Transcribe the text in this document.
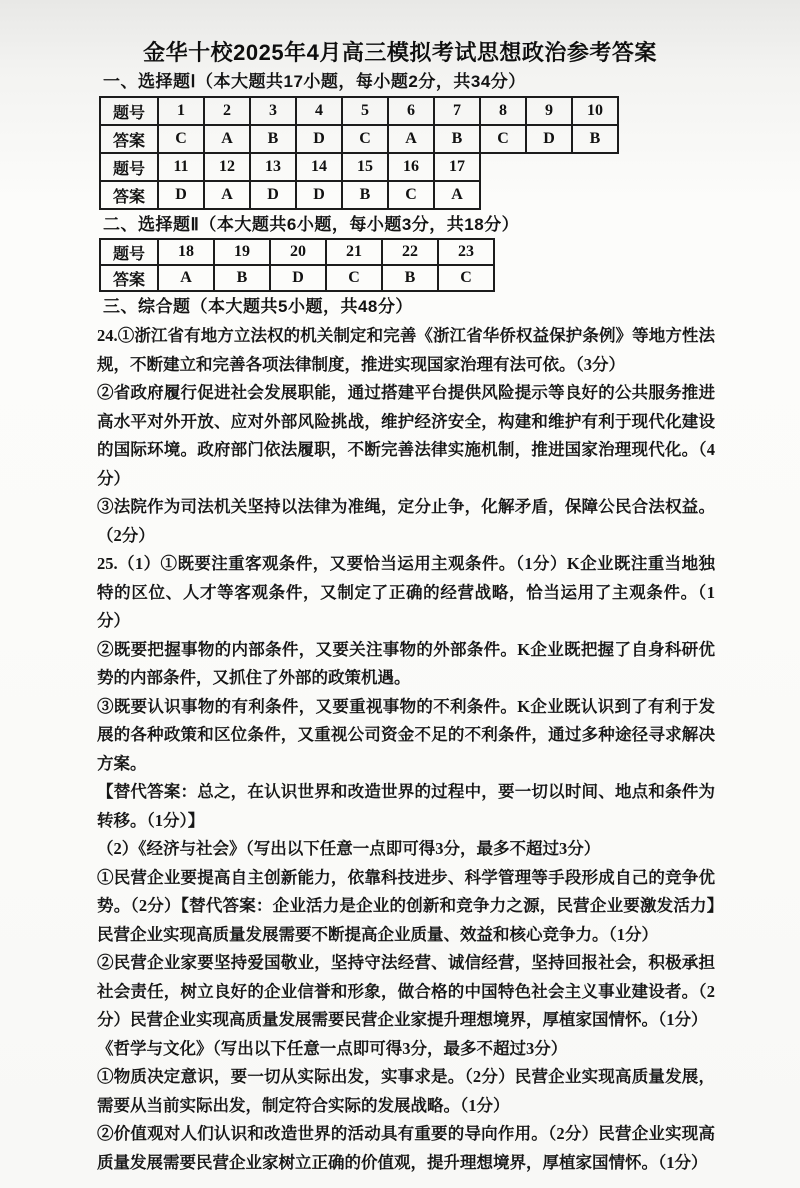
金华十校2025年4月高三模拟考试思想政治参考答案
一、选择题Ⅰ（本大题共17小题，每小题2分，共34分）
题号	1	2	3	4	5	6	7	8	9	10
答案	C	A	B	D	C	A	B	C	D	B
题号	11	12	13	14	15	16	17			
答案	D	A	D	D	B	C	A			
二、选择题Ⅱ（本大题共6小题，每小题3分，共18分）
题号	18	19	20	21	22	23
答案	A	B	D	C	B	C
三、综合题（本大题共5小题，共48分）

24.①浙江省有地方立法权的机关制定和完善《浙江省华侨权益保护条例》等地方性法规，不断建立和完善各项法律制度，推进实现国家治理有法可依。（3分）

②省政府履行促进社会发展职能，通过搭建平台提供风险提示等良好的公共服务推进高水平对外开放、应对外部风险挑战，维护经济安全，构建和维护有利于现代化建设的国际环境。政府部门依法履职，不断完善法律实施机制，推进国家治理现代化。（4分）

③法院作为司法机关坚持以法律为准绳，定分止争，化解矛盾，保障公民合法权益。（2分）

25.（1）①既要注重客观条件，又要恰当运用主观条件。（1分）K企业既注重当地独特的区位、人才等客观条件，又制定了正确的经营战略，恰当运用了主观条件。（1分）

②既要把握事物的内部条件，又要关注事物的外部条件。K企业既把握了自身科研优势的内部条件，又抓住了外部的政策机遇。

③既要认识事物的有利条件，又要重视事物的不利条件。K企业既认识到了有利于发展的各种政策和区位条件，又重视公司资金不足的不利条件，通过多种途径寻求解决方案。

【替代答案：总之，在认识世界和改造世界的过程中，要一切以时间、地点和条件为转移。（1分）】

（2）《经济与社会》（写出以下任意一点即可得3分，最多不超过3分）

①民营企业要提高自主创新能力，依靠科技进步、科学管理等手段形成自己的竞争优势。（2分）【替代答案：企业活力是企业的创新和竞争力之源，民营企业要激发活力】民营企业实现高质量发展需要不断提高企业质量、效益和核心竞争力。（1分）

②民营企业家要坚持爱国敬业，坚持守法经营、诚信经营，坚持回报社会，积极承担社会责任，树立良好的企业信誉和形象，做合格的中国特色社会主义事业建设者。（2分）民营企业实现高质量发展需要民营企业家提升理想境界，厚植家国情怀。（1分）

《哲学与文化》（写出以下任意一点即可得3分，最多不超过3分）

①物质决定意识，要一切从实际出发，实事求是。（2分）民营企业实现高质量发展，需要从当前实际出发，制定符合实际的发展战略。（1分）

②价值观对人们认识和改造世界的活动具有重要的导向作用。（2分）民营企业实现高质量发展需要民营企业家树立正确的价值观，提升理想境界，厚植家国情怀。（1分）
